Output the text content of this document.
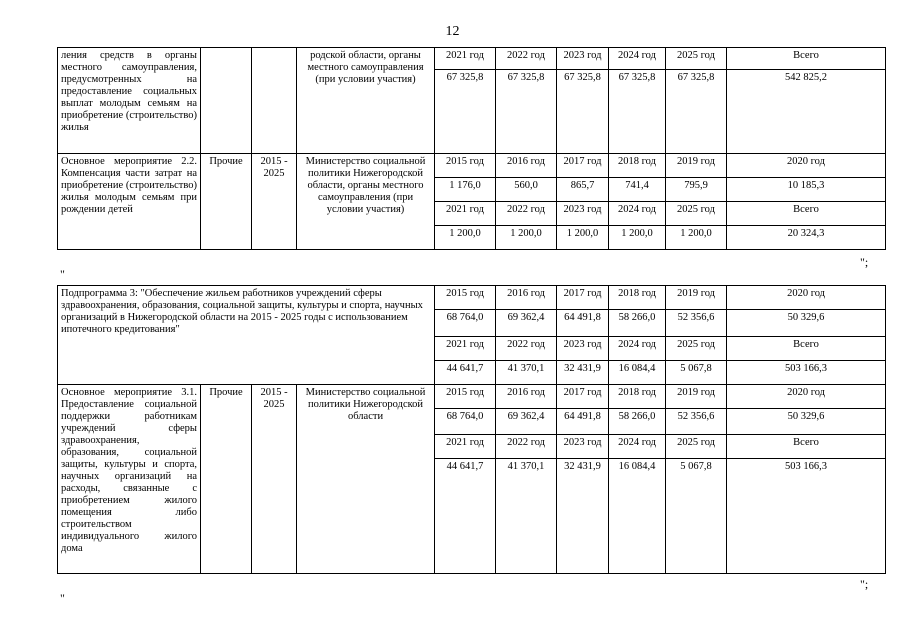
12
ления средств в органы местного самоуправления, предусмотренных на предоставление социальных выплат молодым семьям на приобретение (строительство) жилья			родской области, органы местного самоуправления (при условии участия)	2021 год	2022 год	2023 год	2024 год	2025 год	Всего
				67 325,8	67 325,8	67 325,8	67 325,8	67 325,8	542 825,2
Основное мероприятие 2.2. Компенсация части затрат на приобретение (строительство) жилья молодым семьям при рождении детей	Прочие	2015 - 2025	Министерство социальной политики Нижегородской области, органы местного самоуправления (при условии участия)	2015 год	2016 год	2017 год	2018 год	2019 год	2020 год
				1 176,0	560,0	865,7	741,4	795,9	10 185,3
				2021 год	2022 год	2023 год	2024 год	2025 год	Всего
				1 200,0	1 200,0	1 200,0	1 200,0	1 200,0	20 324,3
";
"
Подпрограмма 3: "Обеспечение жильем работников учреждений сферы здравоохранения, образования, социальной защиты, культуры и спорта, научных организаций в Нижегородской области на 2015 - 2025 годы с использованием ипотечного кредитования"				2015 год	2016 год	2017 год	2018 год	2019 год	2020 год
				68 764,0	69 362,4	64 491,8	58 266,0	52 356,6	50 329,6
				2021 год	2022 год	2023 год	2024 год	2025 год	Всего
				44 641,7	41 370,1	32 431,9	16 084,4	5 067,8	503 166,3
Основное мероприятие 3.1. Предоставление социальной поддержки работникам учреждений сферы здравоохранения, образования, социальной защиты, культуры и спорта, научных организаций на расходы, связанные с приобретением жилого помещения либо строительством индивидуального жилого дома	Прочие	2015 - 2025	Министерство социальной политики Нижегородской области	2015 год	2016 год	2017 год	2018 год	2019 год	2020 год
				68 764,0	69 362,4	64 491,8	58 266,0	52 356,6	50 329,6
				2021 год	2022 год	2023 год	2024 год	2025 год	Всего
				44 641,7	41 370,1	32 431,9	16 084,4	5 067,8	503 166,3
";
"
